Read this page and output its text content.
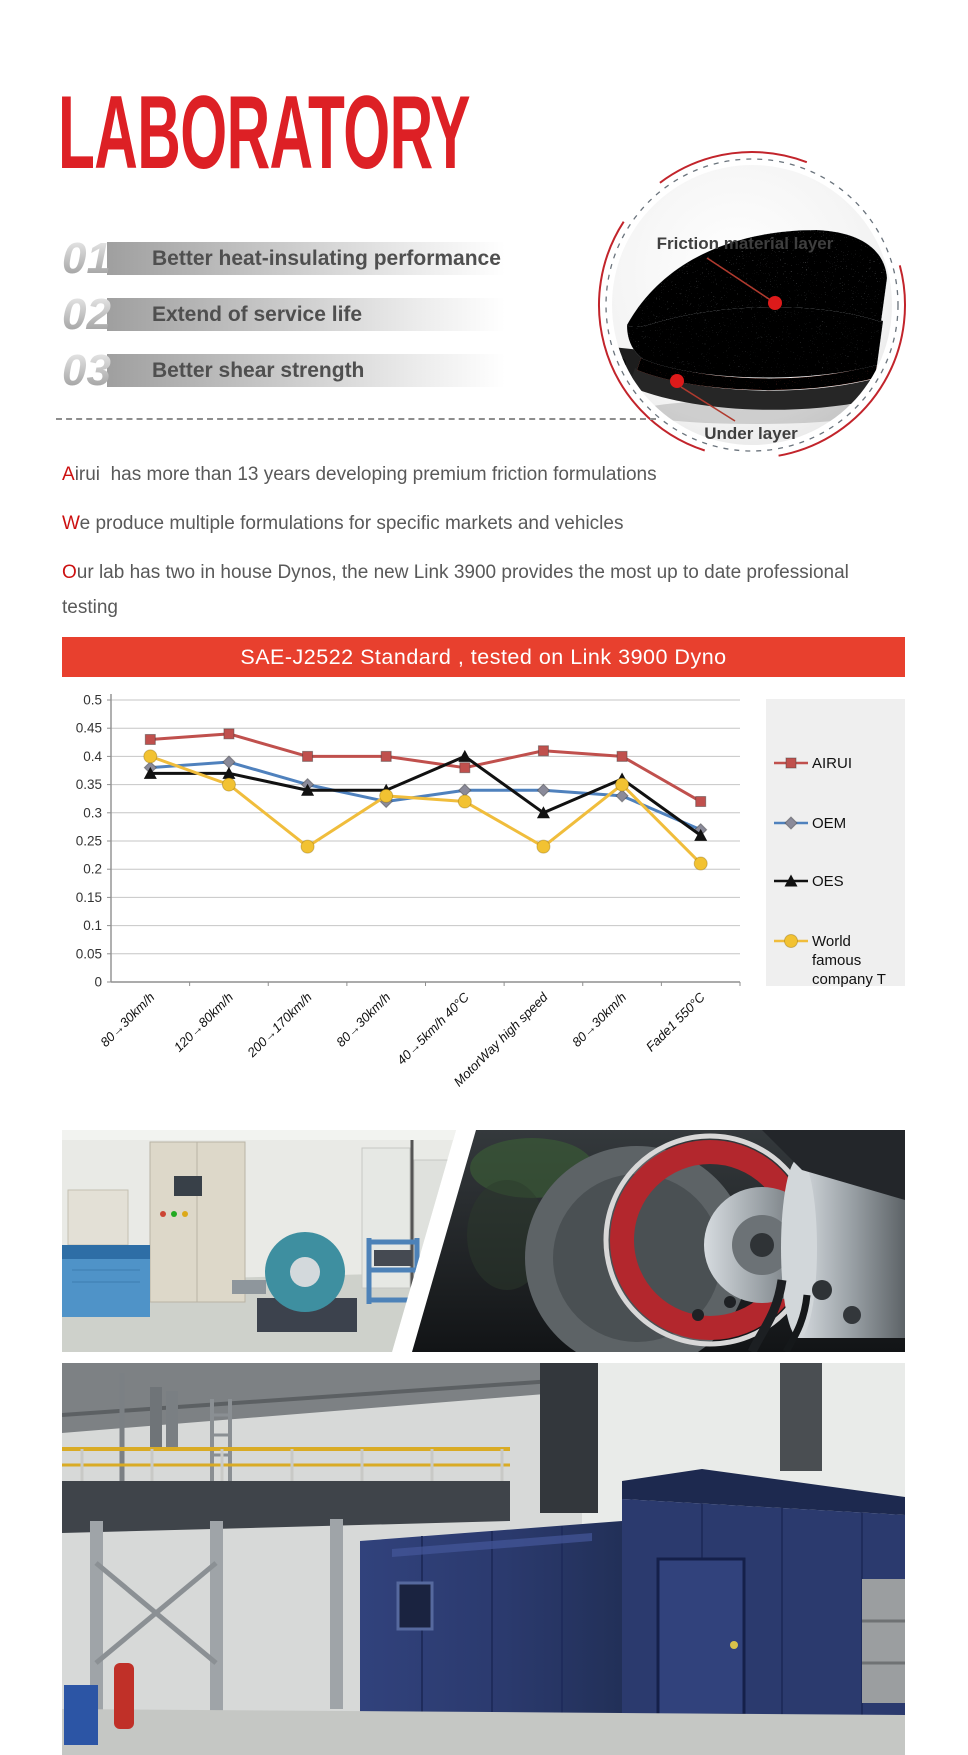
LABORATORY
01 Better heat-insulating performance
02 Extend of service life
03 Better shear strength
Friction material layer
Under layer

Airui  has more than 13 years developing premium friction formulations

We produce multiple formulations for specific markets and vehicles

Our lab has two in house Dynos, the new Link 3900 provides the most up to date professional testing

SAE-J2522 Standard , tested on Link 3900 Dyno
0
0.05
0.1
0.15
0.2
0.25
0.3
0.35
0.4
0.45
0.5
80→30km/h 120→80km/h 200→170km/h 80→30km/h 40→5km/h 40°C
MotorWay high speed 80→30km/h Fade1 550°C
AIRUI
OEM
OES
World
famous
company T
